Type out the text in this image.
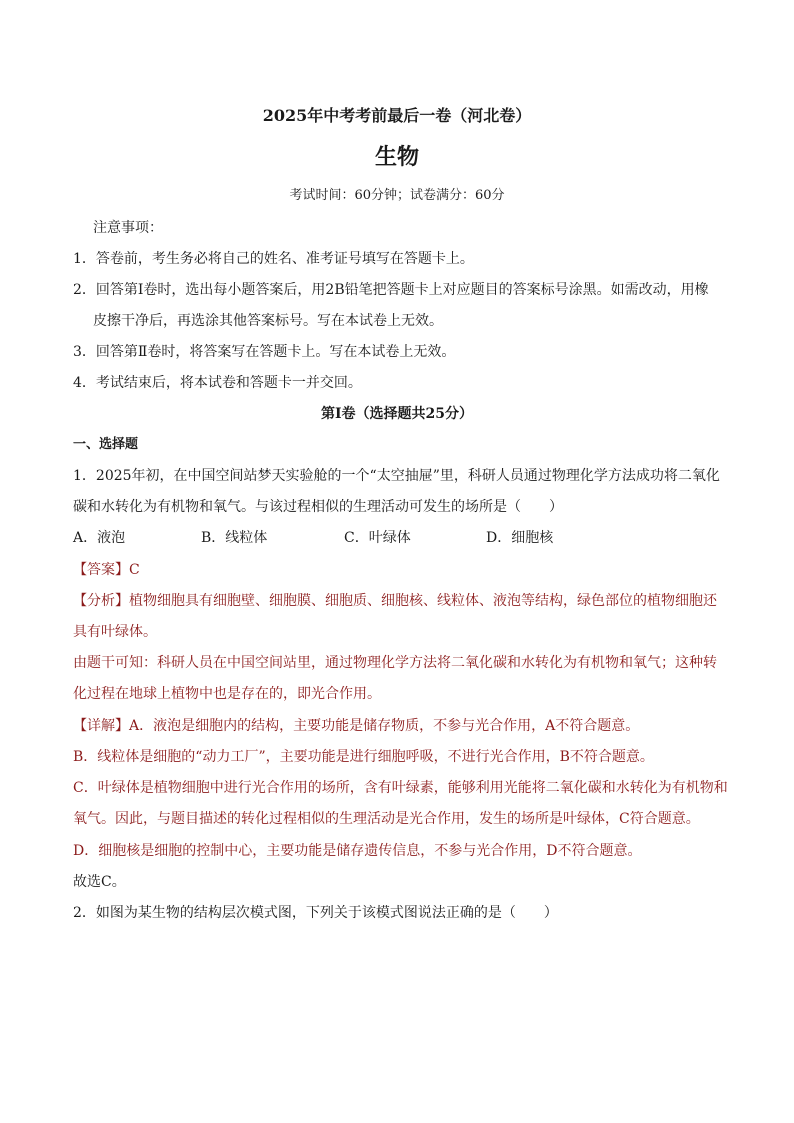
2025年中考考前最后一卷（河北卷）
生物
考试时间：60分钟；试卷满分：60分
注意事项：
1．答卷前，考生务必将自己的姓名、准考证号填写在答题卡上。
2．回答第Ⅰ卷时，选出每小题答案后，用2B铅笔把答题卡上对应题目的答案标号涂黑。如需改动，用橡
皮擦干净后，再选涂其他答案标号。写在本试卷上无效。
3．回答第Ⅱ卷时，将答案写在答题卡上。写在本试卷上无效。
4．考试结束后，将本试卷和答题卡一并交回。
第Ⅰ卷（选择题共25分）
一、选择题
1．2025年初，在中国空间站梦天实验舱的一个“太空抽屉”里，科研人员通过物理化学方法成功将二氧化
碳和水转化为有机物和氧气。与该过程相似的生理活动可发生的场所是（　　）
A．液泡	B．线粒体	C．叶绿体	D．细胞核
【答案】C
【分析】植物细胞具有细胞壁、细胞膜、细胞质、细胞核、线粒体、液泡等结构，绿色部位的植物细胞还
具有叶绿体。
由题干可知：科研人员在中国空间站里，通过物理化学方法将二氧化碳和水转化为有机物和氧气；这种转
化过程在地球上植物中也是存在的，即光合作用。
【详解】A．液泡是细胞内的结构，主要功能是储存物质，不参与光合作用，A不符合题意。
B．线粒体是细胞的“动力工厂”，主要功能是进行细胞呼吸，不进行光合作用，B不符合题意。
C．叶绿体是植物细胞中进行光合作用的场所，含有叶绿素，能够利用光能将二氧化碳和水转化为有机物和
氧气。因此，与题目描述的转化过程相似的生理活动是光合作用，发生的场所是叶绿体，C符合题意。
D．细胞核是细胞的控制中心，主要功能是储存遗传信息，不参与光合作用，D不符合题意。
故选C。
2．如图为某生物的结构层次模式图，下列关于该模式图说法正确的是（　　）
